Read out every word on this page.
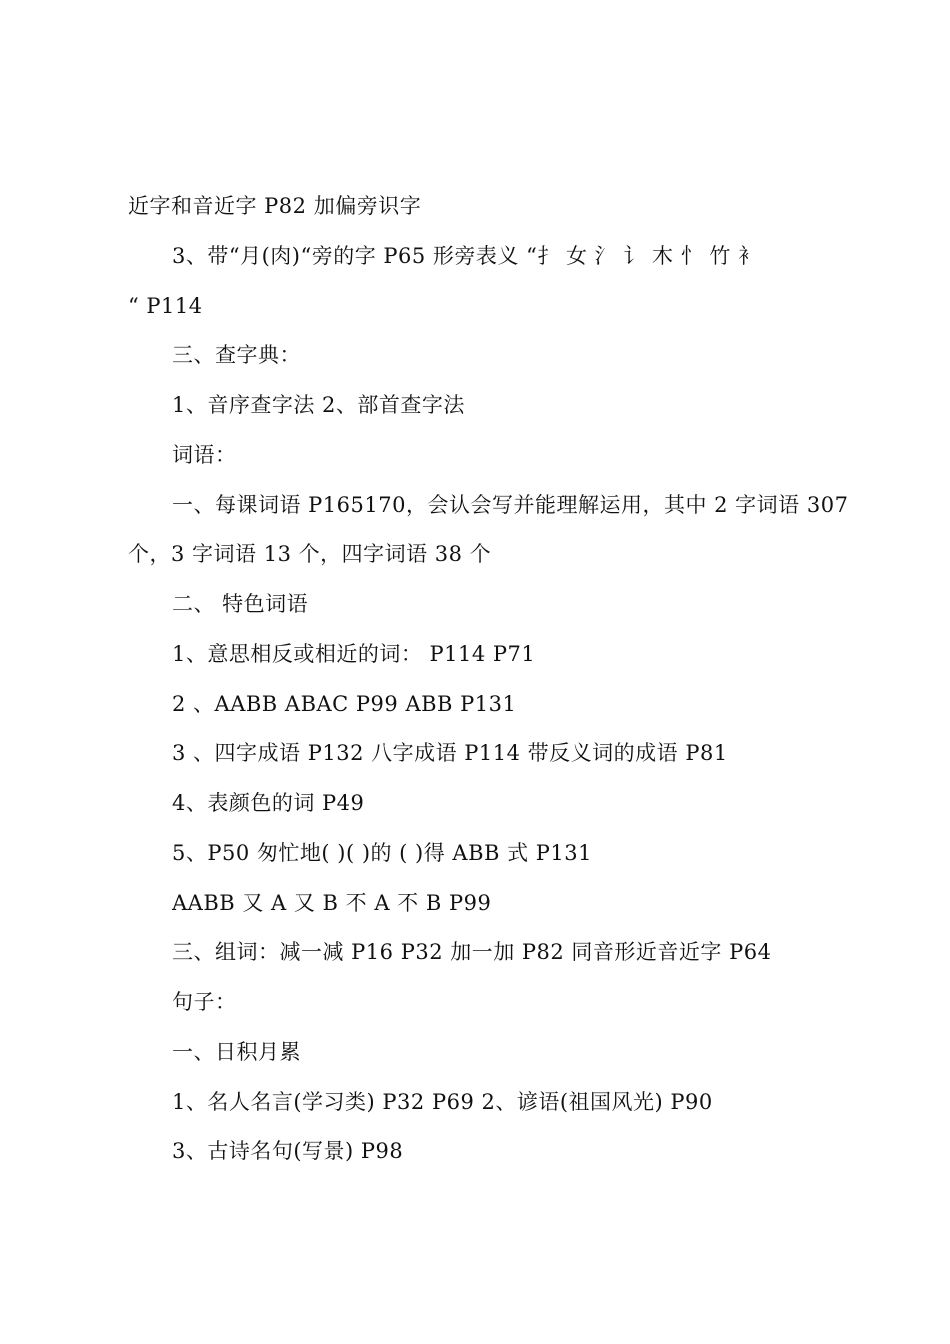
近字和音近字 P82 加偏旁识字
3、带“月(肉)“旁的字 P65 形旁表义 “扌 女 氵 讠 木 忄 竹 衤
“ P114
三、查字典：
1、音序查字法 2、部首查字法
词语：
一、每课词语 P165170，会认会写并能理解运用，其中 2 字词语 307
个，3 字词语 13 个，四字词语 38 个
二、 特色词语
1、意思相反或相近的词： P114 P71
2 、AABB ABAC P99 ABB P131
3 、四字成语 P132 八字成语 P114 带反义词的成语 P81
4、表颜色的词 P49
5、P50 匆忙地( )( )的 ( )得 ABB 式 P131
AABB 又 A 又 B 不 A 不 B P99
三、组词：减一减 P16 P32 加一加 P82 同音形近音近字 P64
句子：
一、日积月累
1、名人名言(学习类) P32 P69 2、谚语(祖国风光) P90
3、古诗名句(写景) P98
